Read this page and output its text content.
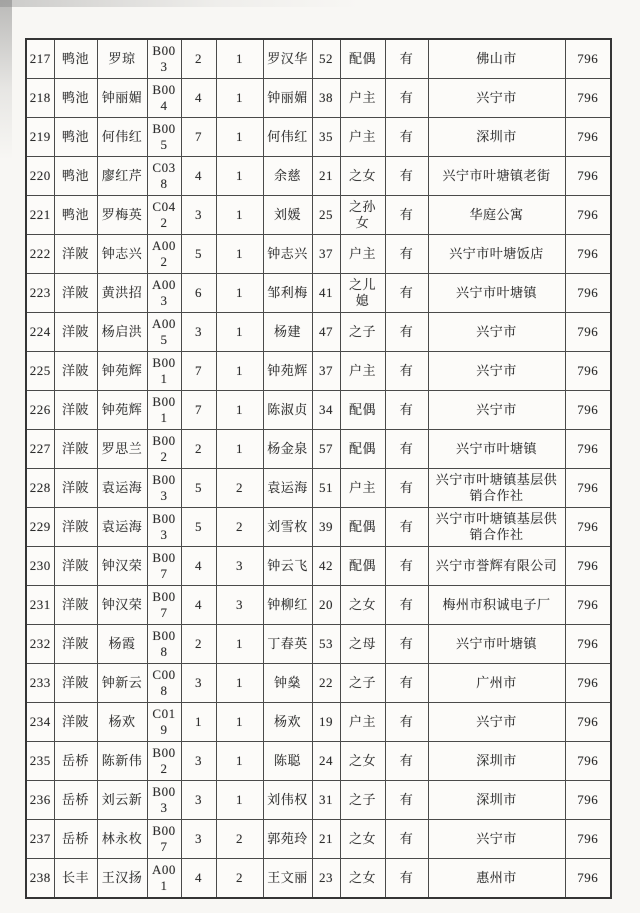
217	鸭池	罗琼	B003	2	1	罗汉华	52	配偶	有	佛山市	796
218	鸭池	钟丽媚	B004	4	1	钟丽媚	38	户主	有	兴宁市	796
219	鸭池	何伟红	B005	7	1	何伟红	35	户主	有	深圳市	796
220	鸭池	廖红芹	C038	4	1	余慈	21	之女	有	兴宁市叶塘镇老街	796
221	鸭池	罗梅英	C042	3	1	刘媛	25	之孙女	有	华庭公寓	796
222	洋陂	钟志兴	A002	5	1	钟志兴	37	户主	有	兴宁市叶塘饭店	796
223	洋陂	黄洪招	A003	6	1	邹利梅	41	之儿媳	有	兴宁市叶塘镇	796
224	洋陂	杨启洪	A005	3	1	杨建	47	之子	有	兴宁市	796
225	洋陂	钟苑辉	B001	7	1	钟苑辉	37	户主	有	兴宁市	796
226	洋陂	钟苑辉	B001	7	1	陈淑贞	34	配偶	有	兴宁市	796
227	洋陂	罗思兰	B002	2	1	杨金泉	57	配偶	有	兴宁市叶塘镇	796
228	洋陂	袁运海	B003	5	2	袁运海	51	户主	有	兴宁市叶塘镇基层供销合作社	796
229	洋陂	袁运海	B003	5	2	刘雪枚	39	配偶	有	兴宁市叶塘镇基层供销合作社	796
230	洋陂	钟汉荣	B007	4	3	钟云飞	42	配偶	有	兴宁市誉辉有限公司	796
231	洋陂	钟汉荣	B007	4	3	钟柳红	20	之女	有	梅州市积诚电子厂	796
232	洋陂	杨霞	B008	2	1	丁春英	53	之母	有	兴宁市叶塘镇	796
233	洋陂	钟新云	C008	3	1	钟燊	22	之子	有	广州市	796
234	洋陂	杨欢	C019	1	1	杨欢	19	户主	有	兴宁市	796
235	岳桥	陈新伟	B002	3	1	陈聪	24	之女	有	深圳市	796
236	岳桥	刘云新	B003	3	1	刘伟权	31	之子	有	深圳市	796
237	岳桥	林永枚	B007	3	2	郭苑玲	21	之女	有	兴宁市	796
238	长丰	王汉扬	A001	4	2	王文丽	23	之女	有	惠州市	796
